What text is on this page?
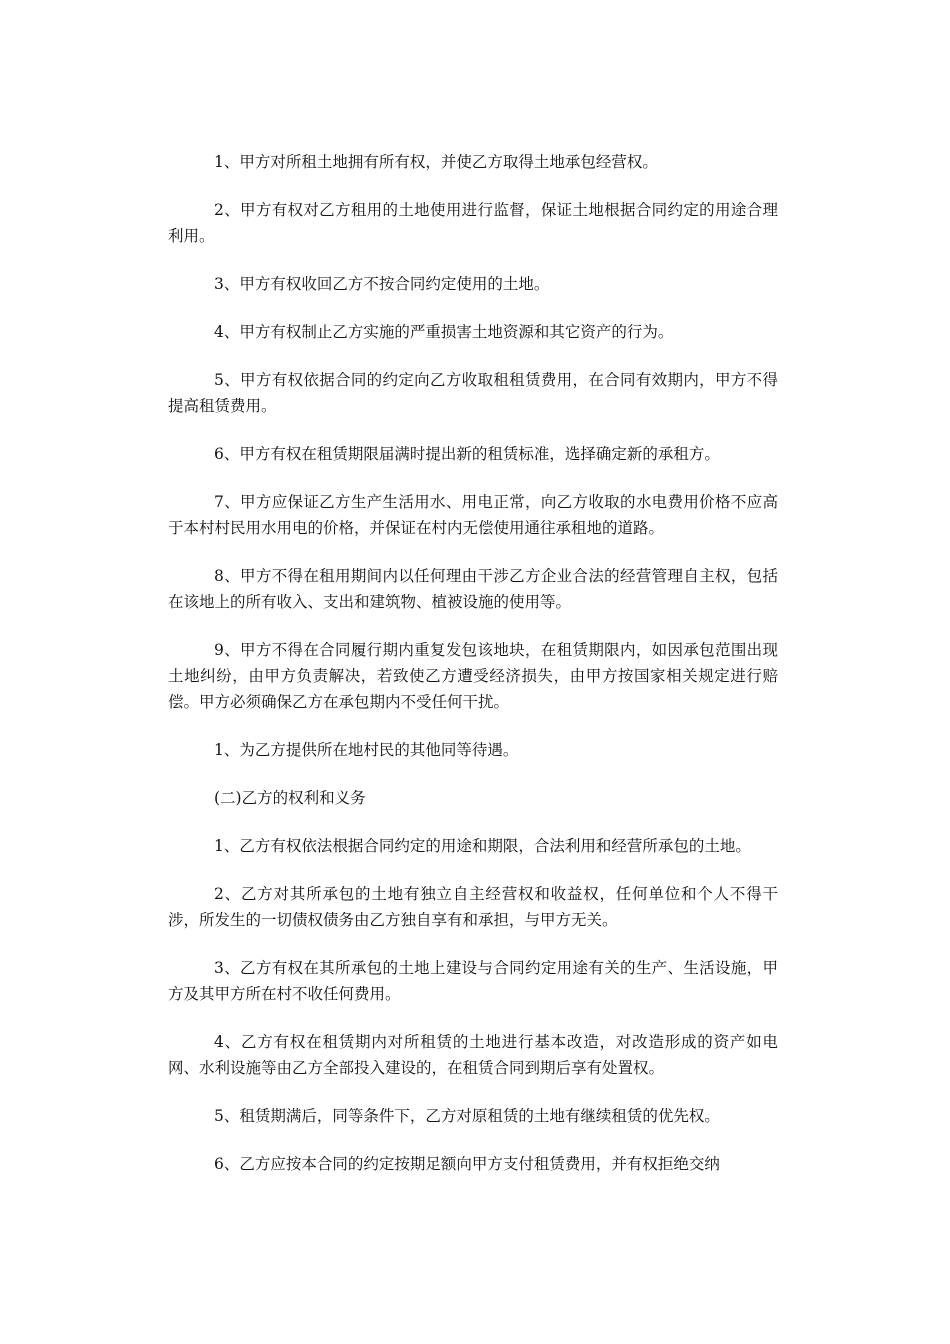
1、甲方对所租土地拥有所有权，并使乙方取得土地承包经营权。

2、甲方有权对乙方租用的土地使用进行监督，保证土地根据合同约定的用途合理利用。

3、甲方有权收回乙方不按合同约定使用的土地。

4、甲方有权制止乙方实施的严重损害土地资源和其它资产的行为。

5、甲方有权依据合同的约定向乙方收取租租赁费用，在合同有效期内，甲方不得提高租赁费用。

6、甲方有权在租赁期限届满时提出新的租赁标准，选择确定新的承租方。

7、甲方应保证乙方生产生活用水、用电正常，向乙方收取的水电费用价格不应高于本村村民用水用电的价格，并保证在村内无偿使用通往承租地的道路。

8、甲方不得在租用期间内以任何理由干涉乙方企业合法的经营管理自主权，包括在该地上的所有收入、支出和建筑物、植被设施的使用等。

9、甲方不得在合同履行期内重复发包该地块，在租赁期限内，如因承包范围出现土地纠纷，由甲方负责解决，若致使乙方遭受经济损失，由甲方按国家相关规定进行赔偿。甲方必须确保乙方在承包期内不受任何干扰。

1、为乙方提供所在地村民的其他同等待遇。

(二)乙方的权利和义务

1、乙方有权依法根据合同约定的用途和期限，合法利用和经营所承包的土地。

2、乙方对其所承包的土地有独立自主经营权和收益权，任何单位和个人不得干涉，所发生的一切债权债务由乙方独自享有和承担，与甲方无关。

3、乙方有权在其所承包的土地上建设与合同约定用途有关的生产、生活设施，甲方及其甲方所在村不收任何费用。

4、乙方有权在租赁期内对所租赁的土地进行基本改造，对改造形成的资产如电网、水利设施等由乙方全部投入建设的，在租赁合同到期后享有处置权。

5、租赁期满后，同等条件下，乙方对原租赁的土地有继续租赁的优先权。

6、乙方应按本合同的约定按期足额向甲方支付租赁费用，并有权拒绝交纳
